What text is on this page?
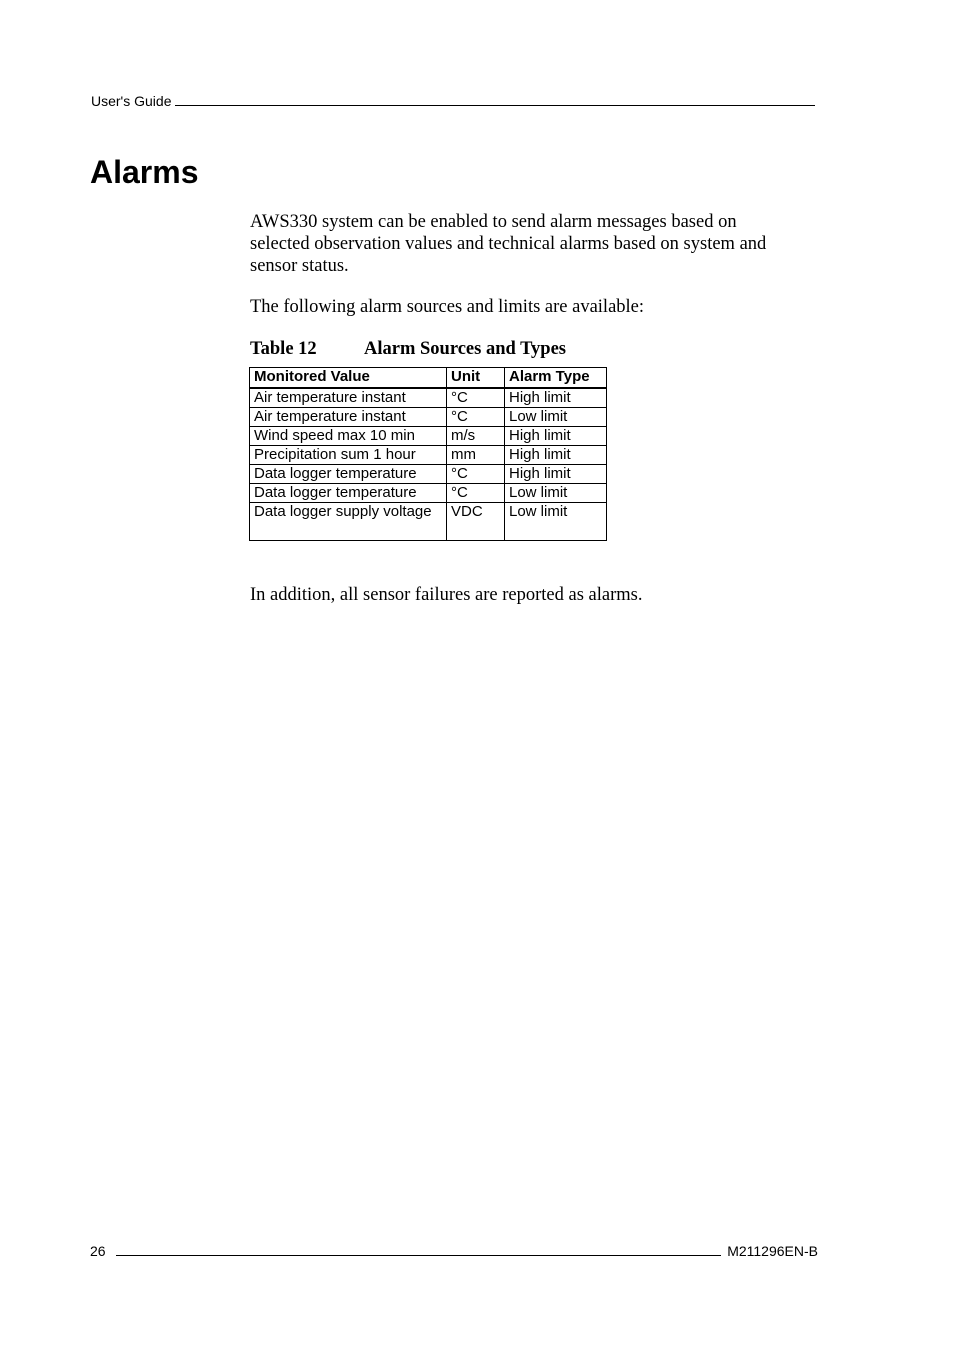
User's Guide
Alarms

AWS330 system can be enabled to send alarm messages based on selected observation values and technical alarms based on system and sensor status.

The following alarm sources and limits are available:

Table 12	Alarm Sources and Types
Monitored Value	Unit	Alarm Type
Air temperature instant	°C	High limit
Air temperature instant	°C	Low limit
Wind speed max 10 min	m/s	High limit
Precipitation sum 1 hour	mm	High limit
Data logger temperature	°C	High limit
Data logger temperature	°C	Low limit
Data logger supply voltage	VDC	Low limit

In addition, all sensor failures are reported as alarms.

26	M211296EN-B
